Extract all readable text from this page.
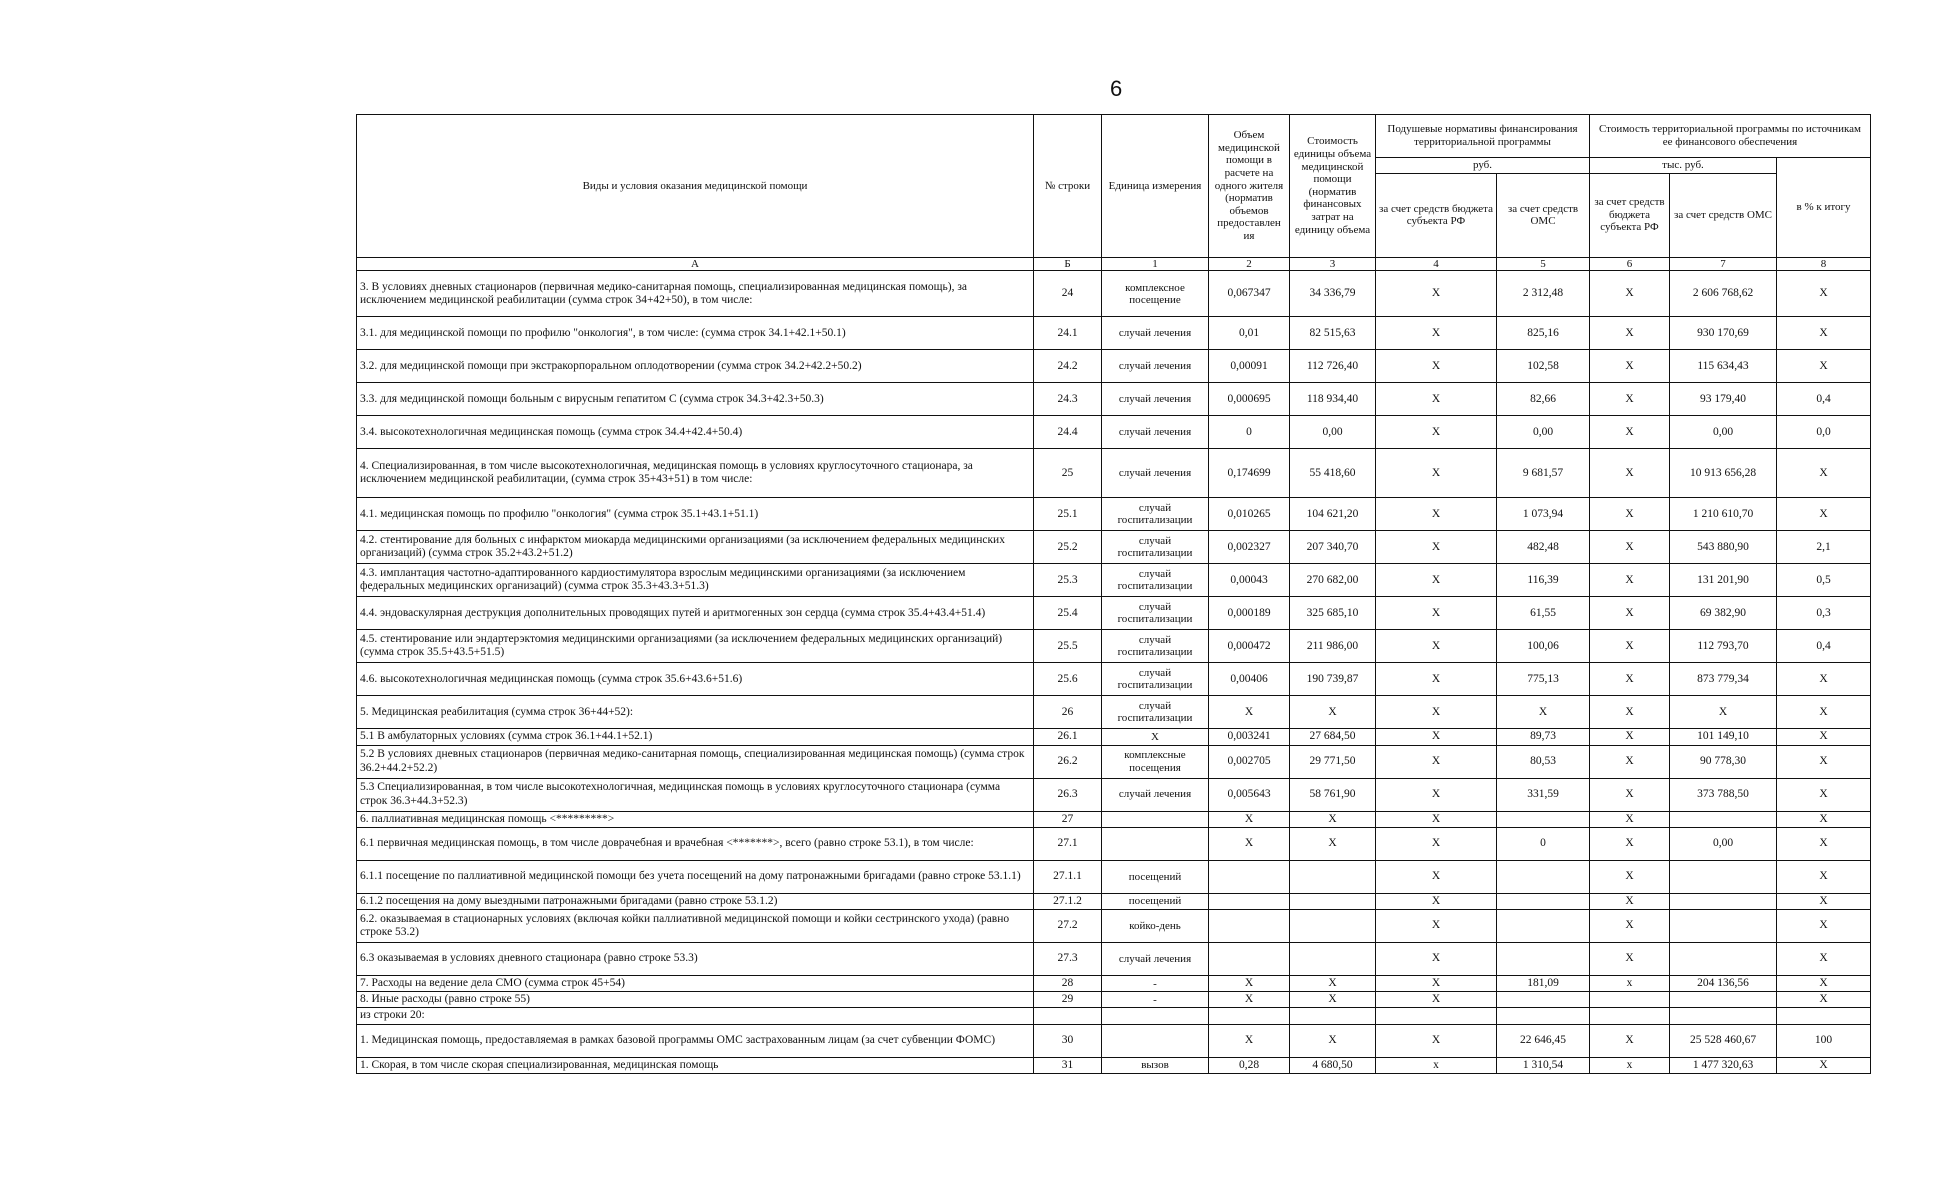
6
Виды и условия оказания медицинской помощи	№ строки	Единица измерения	Объем медицинской помощи в расчете на одного жителя (норматив объемов предоставлен ия	Стоимость единицы объема медицинской помощи (норматив финансовых затрат на единицу объема	Подушевые нормативы финансирования территориальной программы		Стоимость территориальной программы по источникам ее финансового обеспечения		
					руб.		тыс. руб.		в % к итогу
					за счет средств бюджета субъекта РФ	за счет средств ОМС	за счет средств бюджета субъекта РФ	за счет средств ОМС	
А	Б	1	2	3	4	5	6	7	8
3. В условиях дневных стационаров (первичная медико-санитарная помощь, специализированная медицинская помощь), за исключением медицинской реабилитации (сумма строк 34+42+50), в том числе:	24	комплексное посещение	0,067347	34 336,79	X	2 312,48	X	2 606 768,62	X
3.1. для медицинской помощи по профилю "онкология", в том числе: (сумма строк 34.1+42.1+50.1)	24.1	случай лечения	0,01	82 515,63	X	825,16	X	930 170,69	X
3.2. для медицинской помощи при экстракорпоральном оплодотворении (сумма строк 34.2+42.2+50.2)	24.2	случай лечения	0,00091	112 726,40	X	102,58	X	115 634,43	X
3.3. для медицинской помощи больным с вирусным гепатитом С (сумма строк 34.3+42.3+50.3)	24.3	случай лечения	0,000695	118 934,40	X	82,66	X	93 179,40	0,4
3.4. высокотехнологичная медицинская помощь (сумма строк 34.4+42.4+50.4)	24.4	случай лечения	0	0,00	X	0,00	X	0,00	0,0
4. Специализированная, в том числе высокотехнологичная, медицинская помощь в условиях круглосуточного стационара, за исключением медицинской реабилитации, (сумма строк 35+43+51) в том числе:	25	случай лечения	0,174699	55 418,60	X	9 681,57	X	10 913 656,28	X
4.1. медицинская помощь по профилю "онкология" (сумма строк 35.1+43.1+51.1)	25.1	случай госпитализации	0,010265	104 621,20	X	1 073,94	X	1 210 610,70	X
4.2. стентирование для больных с инфарктом миокарда медицинскими организациями (за исключением федеральных медицинских организаций) (сумма строк 35.2+43.2+51.2)	25.2	случай госпитализации	0,002327	207 340,70	X	482,48	X	543 880,90	2,1
4.3. имплантация частотно-адаптированного кардиостимулятора взрослым медицинскими организациями (за исключением федеральных медицинских организаций) (сумма строк 35.3+43.3+51.3)	25.3	случай госпитализации	0,00043	270 682,00	X	116,39	X	131 201,90	0,5
4.4. эндоваскулярная деструкция дополнительных проводящих путей и аритмогенных зон сердца (сумма строк 35.4+43.4+51.4)	25.4	случай госпитализации	0,000189	325 685,10	X	61,55	X	69 382,90	0,3
4.5. стентирование или эндартерэктомия медицинскими организациями (за исключением федеральных медицинских организаций) (сумма строк 35.5+43.5+51.5)	25.5	случай госпитализации	0,000472	211 986,00	X	100,06	X	112 793,70	0,4
4.6. высокотехнологичная медицинская помощь (сумма строк 35.6+43.6+51.6)	25.6	случай госпитализации	0,00406	190 739,87	X	775,13	X	873 779,34	X
5. Медицинская реабилитация (сумма строк 36+44+52):	26	случай госпитализации	X	X	X	X	X	X	X
5.1 В амбулаторных условиях (сумма строк 36.1+44.1+52.1)	26.1	X	0,003241	27 684,50	X	89,73	X	101 149,10	X
5.2 В условиях дневных стационаров (первичная медико-санитарная помощь, специализированная медицинская помощь) (сумма строк 36.2+44.2+52.2)	26.2	комплексные посещения	0,002705	29 771,50	X	80,53	X	90 778,30	X
5.3 Специализированная, в том числе высокотехнологичная, медицинская помощь в условиях круглосуточного стационара (сумма строк 36.3+44.3+52.3)	26.3	случай лечения	0,005643	58 761,90	X	331,59	X	373 788,50	X
6. паллиативная медицинская помощь <*********>	27		X	X	X		X		X
6.1 первичная медицинская помощь, в том числе доврачебная и врачебная <*******>, всего (равно строке 53.1), в том числе:	27.1		X	X	X	0	X	0,00	X
6.1.1 посещение по паллиативной медицинской помощи без учета посещений на дому патронажными бригадами (равно строке 53.1.1)	27.1.1	посещений			X		X		X
6.1.2 посещения на дому выездными патронажными бригадами (равно строке 53.1.2)	27.1.2	посещений			X		X		X
6.2. оказываемая в стационарных условиях (включая койки паллиативной медицинской помощи и койки сестринского ухода) (равно строке 53.2)	27.2	койко-день			X		X		X
6.3 оказываемая в условиях дневного стационара (равно строке 53.3)	27.3	случай лечения			X		X		X
7. Расходы на ведение дела СМО (сумма строк 45+54)	28	-	X	X	X	181,09	x	204 136,56	X
8. Иные расходы (равно строке 55)	29	-	X	X	X				X
из строки 20:									
1. Медицинская помощь, предоставляемая в рамках базовой программы ОМС застрахованным лицам (за счет субвенции ФОМС)	30		X	X	X	22 646,45	X	25 528 460,67	100
1. Скорая, в том числе скорая специализированная, медицинская помощь	31	вызов	0,28	4 680,50	x	1 310,54	x	1 477 320,63	X
